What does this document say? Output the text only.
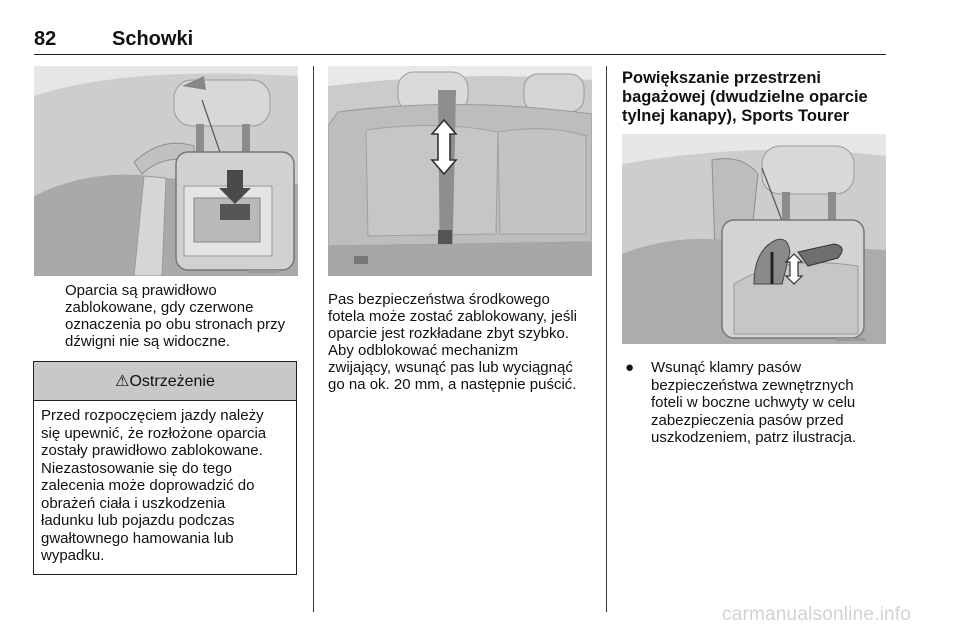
82	Schowki

Oparcia są prawidłowo
zablokowane, gdy czerwone
oznaczenia po obu stronach przy
dźwigni nie są widoczne.

⚠Ostrzeżenie
Przed rozpoczęciem jazdy należy
się upewnić, że rozłożone oparcia
zostały prawidłowo zablokowane.
Niezastosowanie się do tego
zalecenia może doprowadzić do
obrażeń ciała i uszkodzenia
ładunku lub pojazdu podczas
gwałtownego hamowania lub
wypadku.

Pas bezpieczeństwa środkowego
fotela może zostać zablokowany, jeśli
oparcie jest rozkładane zbyt szybko.
Aby odblokować mechanizm
zwijający, wsunąć pas lub wyciągnąć
go na ok. 20 mm, a następnie puścić.

Powiększanie przestrzeni
bagażowej (dwudzielne oparcie
tylnej kanapy), Sports Tourer
● Wsunąć klamry pasów
bezpieczeństwa zewnętrznych
foteli w boczne uchwyty w celu
zabezpieczenia pasów przed
uszkodzeniem, patrz ilustracja.
carmanualsonline.info
